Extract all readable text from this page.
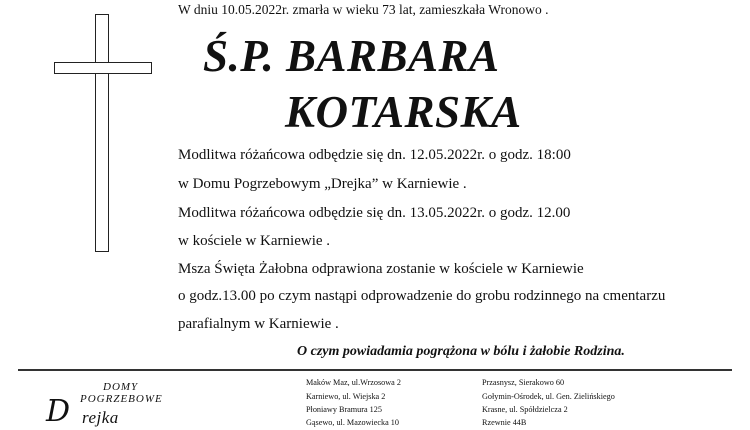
W dniu 10.05.2022r. zmarła w wieku 73 lat, zamieszkała Wronowo .
Ś.P. BARBARA
KOTARSKA
Modlitwa różańcowa odbędzie się dn. 12.05.2022r. o godz. 18:00
w Domu Pogrzebowym „Drejka” w Karniewie .
Modlitwa różańcowa odbędzie się dn. 13.05.2022r. o godz. 12.00
w kościele w Karniewie .
Msza Święta Żałobna odprawiona zostanie w kościele w Karniewie
o godz.13.00 po czym nastąpi odprowadzenie do grobu rodzinnego na cmentarzu
parafialnym w Karniewie .
O czym powiadamia pogrążona w bólu i żałobie Rodzina.
DOMY
POGRZEBOWE
D rejka
Maków Maz, ul.Wrzosowa 2
Karniewo, ul. Wiejska 2
Płoniawy Bramura 125
Gąsewo, ul. Mazowiecka 10
Przasnysz, Sierakowo 60
Gołymin-Ośrodek, ul. Gen. Zielińskiego
Krasne, ul. Spółdzielcza 2
Rzewnie 44B
